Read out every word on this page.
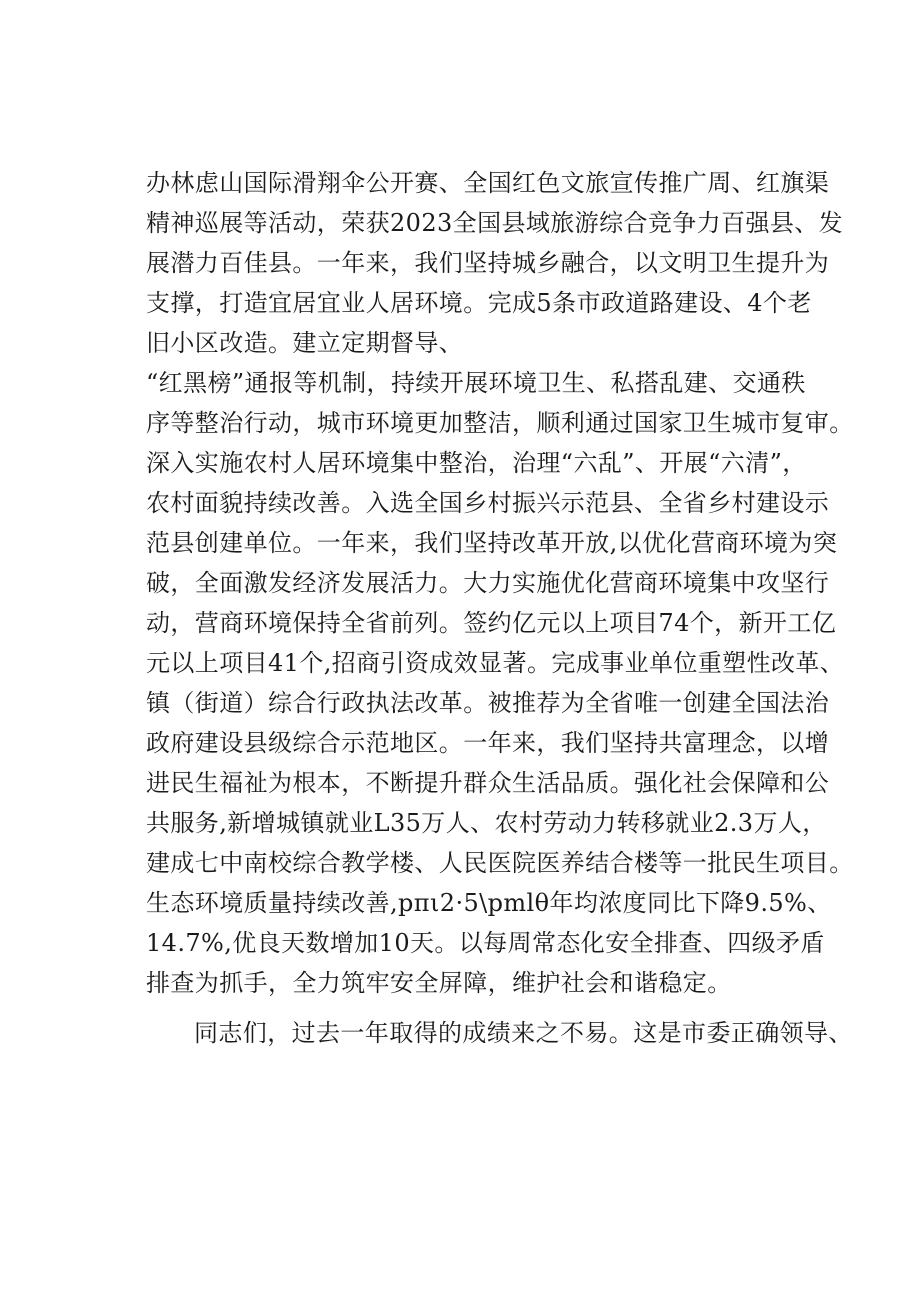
办林虑山国际滑翔伞公开赛、全国红色文旅宣传推广周、红旗渠
精神巡展等活动，荣获2023全国县域旅游综合竞争力百强县、发
展潜力百佳县。一年来，我们坚持城乡融合，以文明卫生提升为
支撑，打造宜居宜业人居环境。完成5条市政道路建设、4个老
旧小区改造。建立定期督导、
“红黑榜”通报等机制，持续开展环境卫生、私搭乱建、交通秩
序等整治行动，城市环境更加整洁，顺利通过国家卫生城市复审。
深入实施农村人居环境集中整治，治理“六乱”、开展“六清”，
农村面貌持续改善。入选全国乡村振兴示范县、全省乡村建设示
范县创建单位。一年来，我们坚持改革开放,以优化营商环境为突
破，全面激发经济发展活力。大力实施优化营商环境集中攻坚行
动，营商环境保持全省前列。签约亿元以上项目74个，新开工亿
元以上项目41个,招商引资成效显著。完成事业单位重塑性改革、
镇（街道）综合行政执法改革。被推荐为全省唯一创建全国法治
政府建设县级综合示范地区。一年来，我们坚持共富理念，以增
进民生福祉为根本，不断提升群众生活品质。强化社会保障和公
共服务,新增城镇就业L35万人、农村劳动力转移就业2.3万人，
建成七中南校综合教学楼、人民医院医养结合楼等一批民生项目。
生态环境质量持续改善,pπι2·5\pmlθ年均浓度同比下降9.5%、
14.7%,优良天数增加10天。以每周常态化安全排查、四级矛盾
排查为抓手，全力筑牢安全屏障，维护社会和谐稳定。
同志们，过去一年取得的成绩来之不易。这是市委正确领导、
